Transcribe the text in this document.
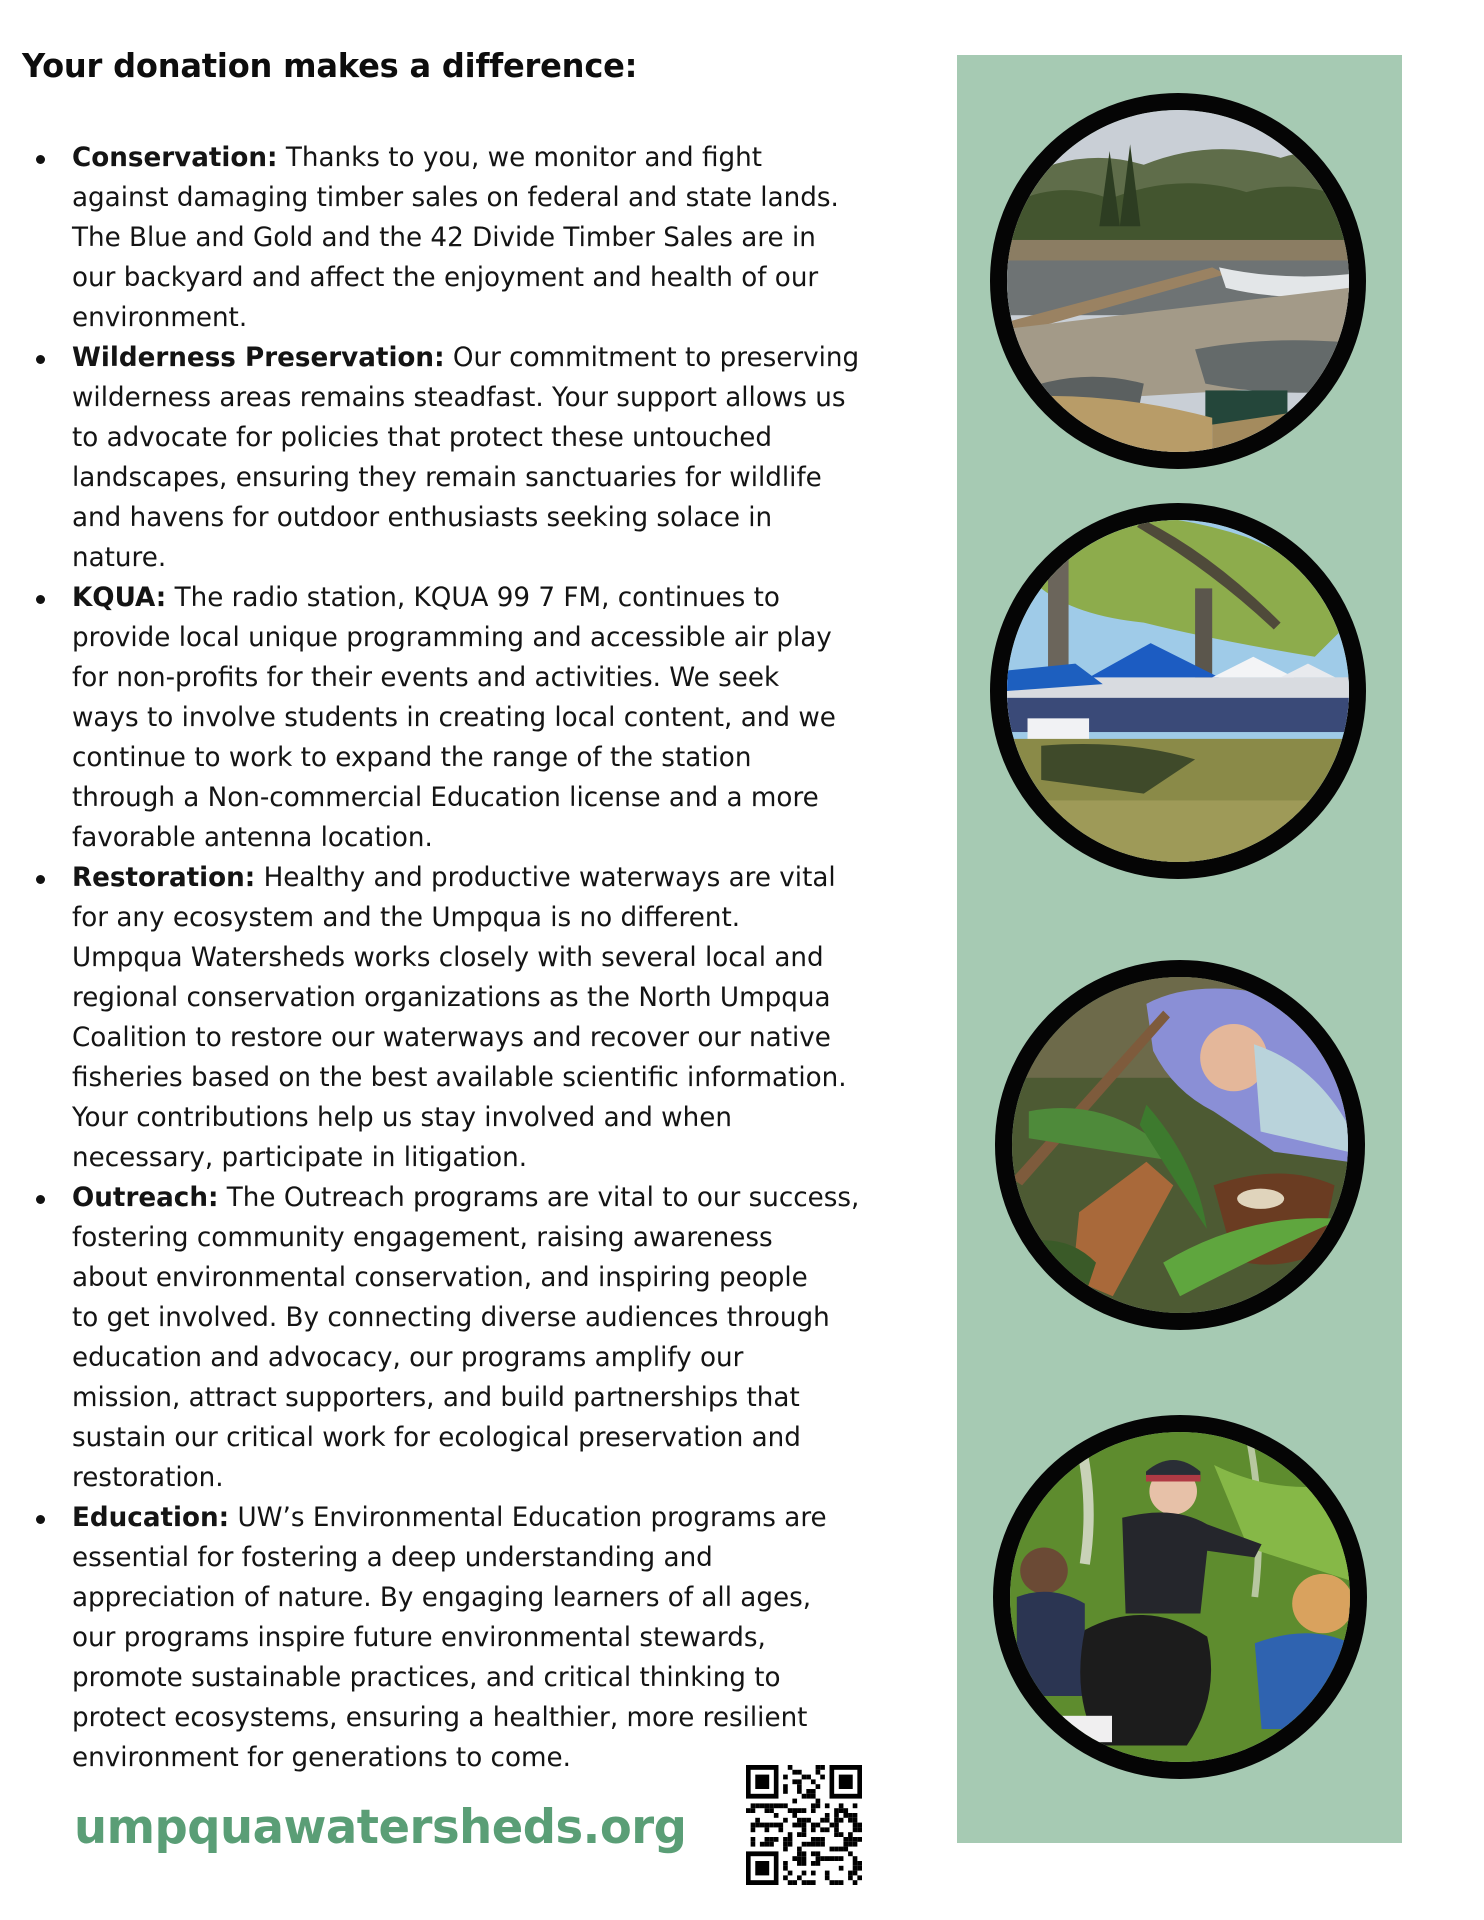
Your donation makes a difference:
Conservation: Thanks to you, we monitor and fight
against damaging timber sales on federal and state lands.
The Blue and Gold and the 42 Divide Timber Sales are in
our backyard and affect the enjoyment and health of our
environment.
Wilderness Preservation: Our commitment to preserving
wilderness areas remains steadfast. Your support allows us
to advocate for policies that protect these untouched
landscapes, ensuring they remain sanctuaries for wildlife
and havens for outdoor enthusiasts seeking solace in
nature.
KQUA: The radio station, KQUA 99 7 FM, continues to
provide local unique programming and accessible air play
for non-profits for their events and activities. We seek
ways to involve students in creating local content, and we
continue to work to expand the range of the station
through a Non-commercial Education license and a more
favorable antenna location.
Restoration: Healthy and productive waterways are vital
for any ecosystem and the Umpqua is no different.
Umpqua Watersheds works closely with several local and
regional conservation organizations as the North Umpqua
Coalition to restore our waterways and recover our native
fisheries based on the best available scientific information.
Your contributions help us stay involved and when
necessary, participate in litigation.
Outreach: The Outreach programs are vital to our success,
fostering community engagement, raising awareness
about environmental conservation, and inspiring people
to get involved. By connecting diverse audiences through
education and advocacy, our programs amplify our
mission, attract supporters, and build partnerships that
sustain our critical work for ecological preservation and
restoration.
Education: UW’s Environmental Education programs are
essential for fostering a deep understanding and
appreciation of nature. By engaging learners of all ages,
our programs inspire future environmental stewards,
promote sustainable practices, and critical thinking to
protect ecosystems, ensuring a healthier, more resilient
environment for generations to come.
umpquawatersheds.org
